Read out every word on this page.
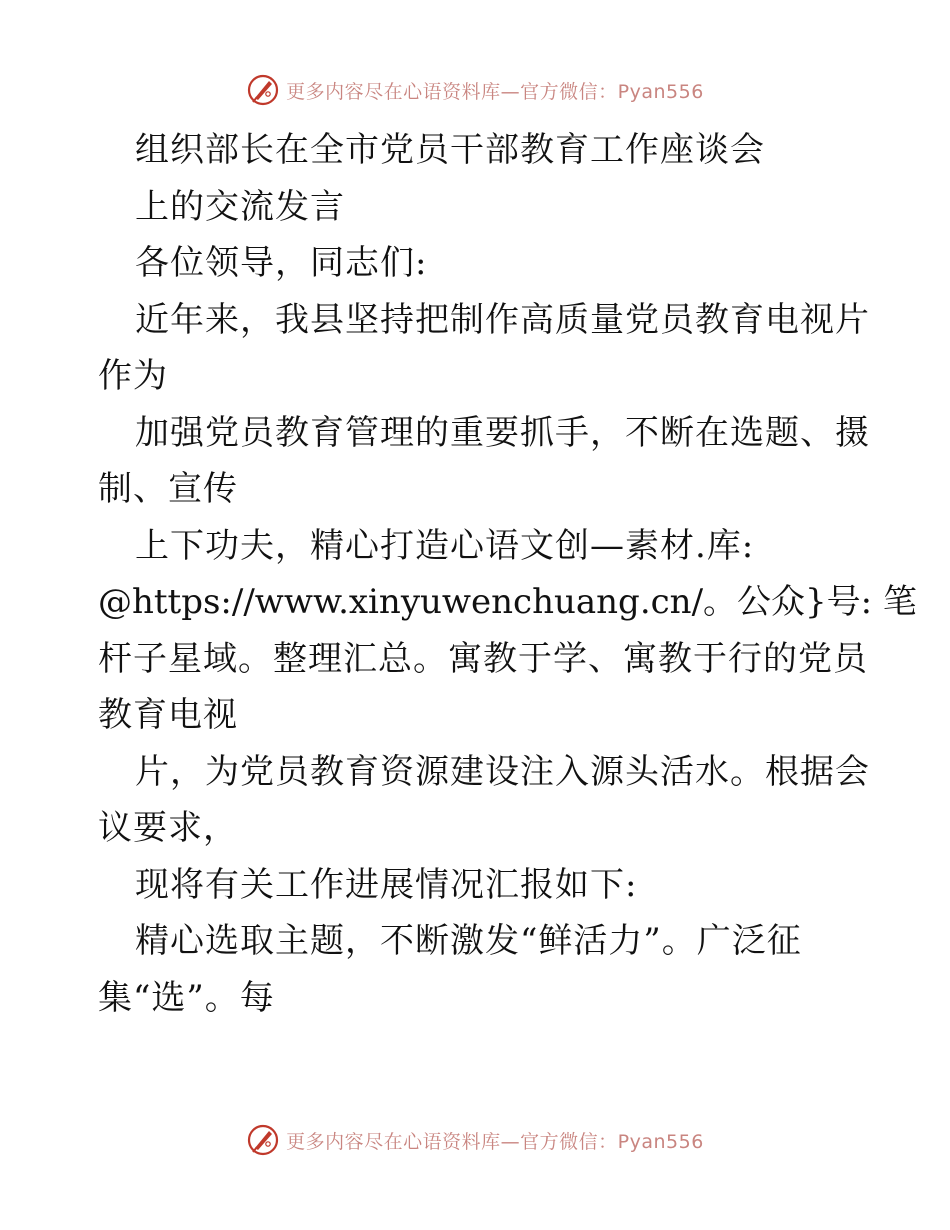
更多内容尽在心语资料库—官方微信：Pyan556
组织部长在全市党员干部教育工作座谈会
上的交流发言
各位领导，同志们:
近年来，我县坚持把制作高质量党员教育电视片
作为
加强党员教育管理的重要抓手，不断在选题、摄
制、宣传
上下功夫，精心打造心语文创—素材.库:
@https://www.xinyuwenchuang.cn/。公众}号: 笔
杆子星域。整理汇总。寓教于学、寓教于行的党员
教育电视
片，为党员教育资源建设注入源头活水。根据会
议要求，
现将有关工作进展情况汇报如下:
精心选取主题，不断激发“鲜活力”。广泛征
集“选”。每
更多内容尽在心语资料库—官方微信：Pyan556
